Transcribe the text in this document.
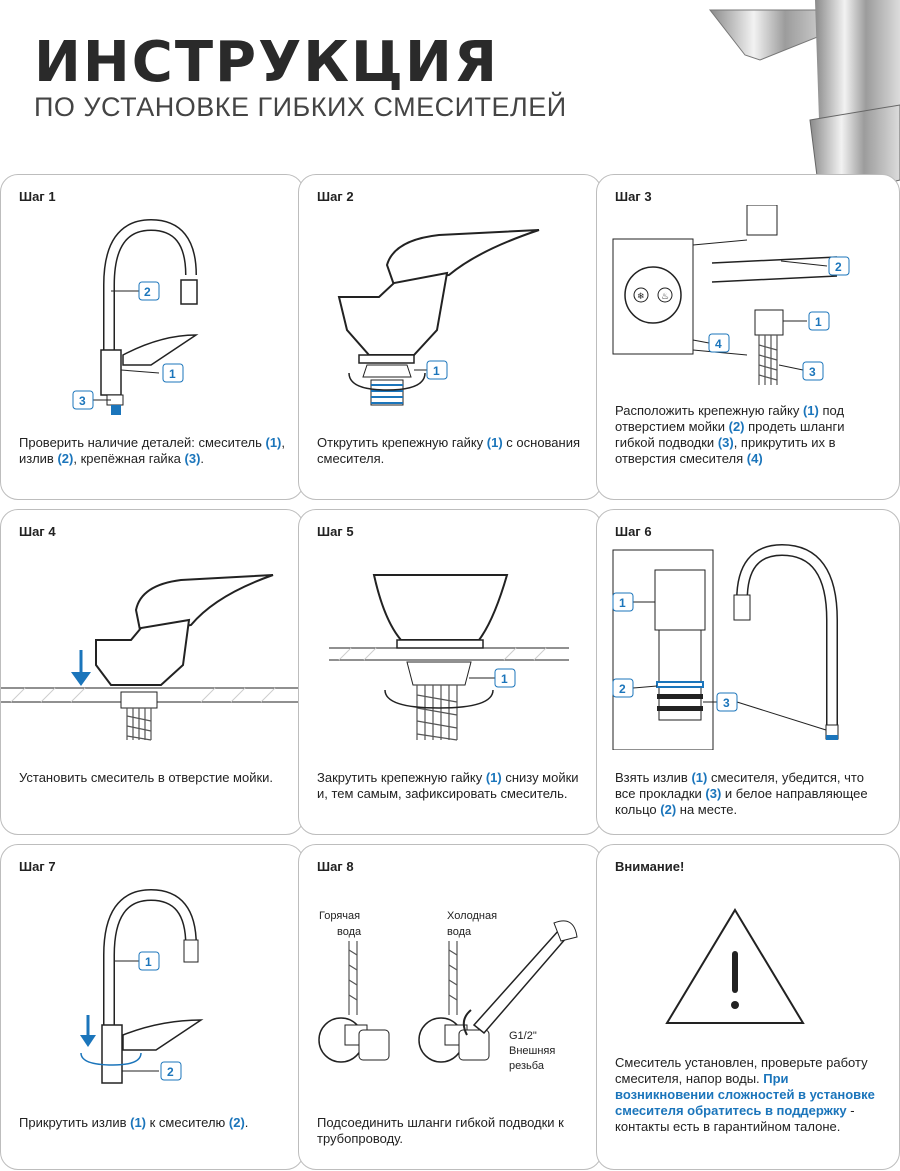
ИНСТРУКЦИЯ

ПО УСТАНОВКЕ ГИБКИХ СМЕСИТЕЛЕЙ

Шаг 1
2
1
3
Проверить наличие деталей: смеситель (1), излив (2), крепёжная гайка (3).
Шаг 2
1
Открутить крепежную гайку (1) с основания смесителя.
Шаг 3
❄ ♨
2
1
3
4
Расположить крепежную гайку (1) под отверстием мойки (2) продеть шланги гибкой подводки (3), прикрутить их в отверстия смесителя (4)
Шаг 4
Установить смеситель в отверстие мойки.
Шаг 5
1
Закрутить крепежную гайку (1) снизу мойки и, тем самым, зафиксировать смеситель.
Шаг 6
1
2
3
Взять излив (1) смесителя, убедится, что все прокладки (3) и белое направляющее кольцо (2) на месте.
Шаг 7
1
2
Прикрутить излив (1) к смесителю (2).
Шаг 8
Горячая
вода
Холодная
вода
G1/2"
Внешняя
резьба
Подсоединить шланги гибкой подводки к трубопроводу.
Внимание!
Смеситель установлен, проверьте работу смесителя, напор воды. При возникновении сложностей в установке смесителя обратитесь в поддержку - контакты есть в гарантийном талоне.
